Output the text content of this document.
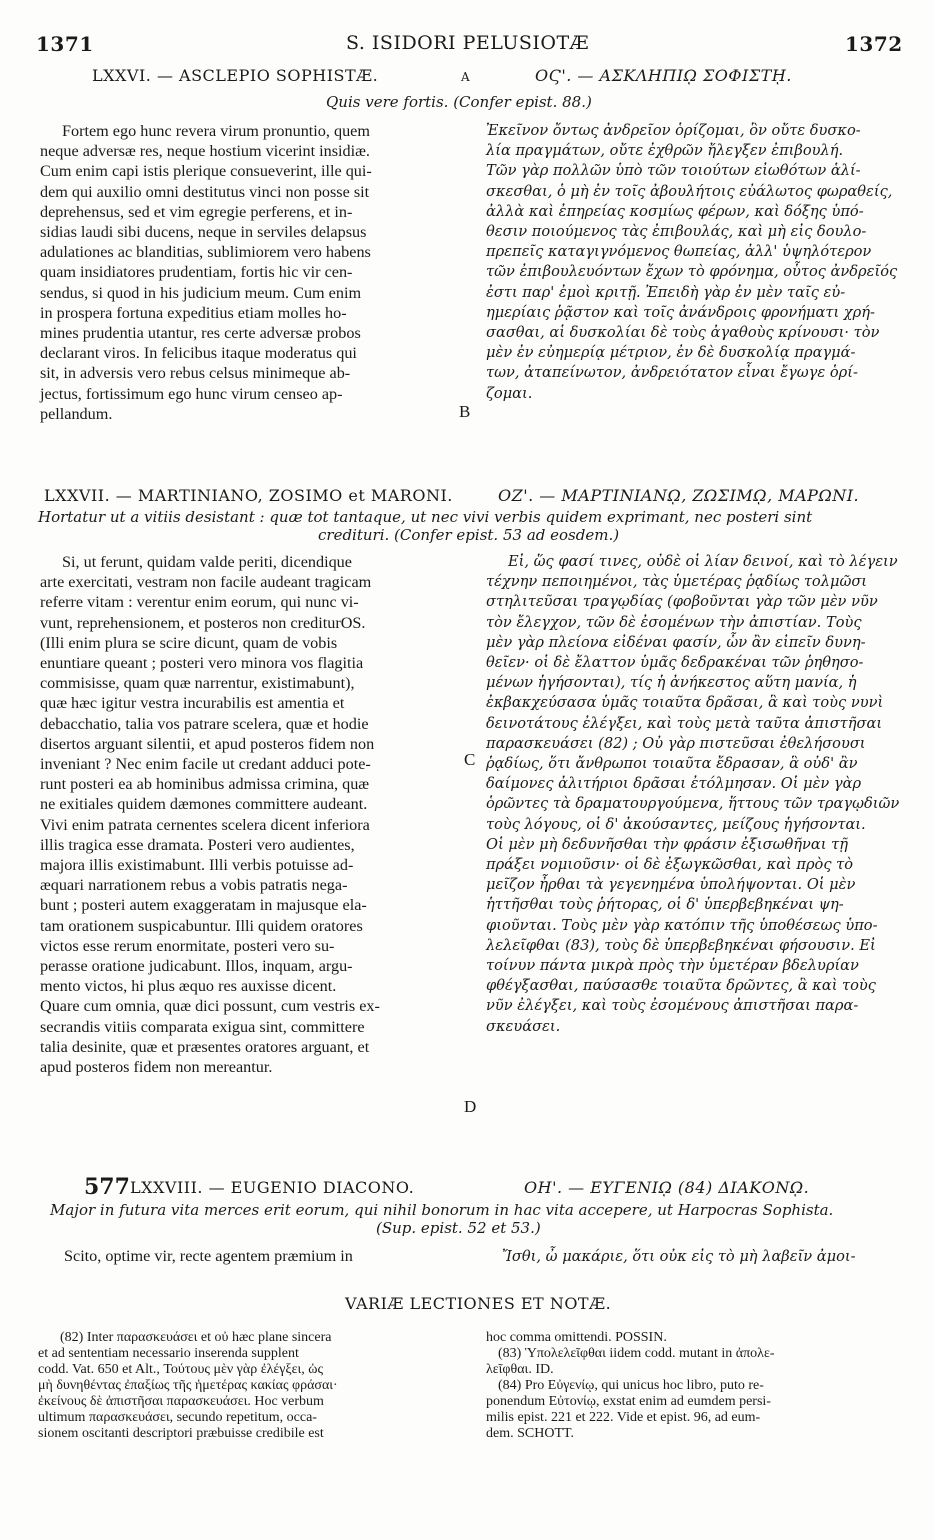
1371	S. ISIDORI PELUSIOTÆ	1372
LXXVI. — ASCLEPIO SOPHISTÆ.	A	ΟϚ'. — ΑΣΚΛΗΠΙῼ ΣΟΦΙΣΤῌ.
Quis vere fortis. (Confer epist. 88.)
Fortem ego hunc revera virum pronuntio, quem
neque adversæ res, neque hostium vicerint insidiæ.
Cum enim capi istis plerique consueverint, ille qui-
dem qui auxilio omni destitutus vinci non posse sit
deprehensus, sed et vim egregie perferens, et in-
sidias laudi sibi ducens, neque in serviles delapsus
adulationes ac blanditias, sublimiorem vero habens
quam insidiatores prudentiam, fortis hic vir cen-
sendus, si quod in his judicium meum. Cum enim
in prospera fortuna expeditius etiam molles ho-
mines prudentia utantur, res certe adversæ probos
declarant viros. In felicibus itaque moderatus qui
sit, in adversis vero rebus celsus minimeque ab-
jectus, fortissimum ego hunc virum censeo ap-
pellandum.	B
Ἐκεῖνον ὄντως ἀνδρεῖον ὁρίζομαι, ὃν οὔτε δυσκο-
λία πραγμάτων, οὔτε ἐχθρῶν ἤλεγξεν ἐπιβουλή.
Τῶν γὰρ πολλῶν ὑπὸ τῶν τοιούτων εἰωθότων ἁλί-
σκεσθαι, ὁ μὴ ἐν τοῖς ἀβουλήτοις εὐάλωτος φωραθείς,
ἀλλὰ καὶ ἐπηρείας κοσμίως φέρων, καὶ δόξης ὑπό-
θεσιν ποιούμενος τὰς ἐπιβουλάς, καὶ μὴ εἰς δουλο-
πρεπεῖς καταγιγνόμενος θωπείας, ἀλλ' ὑψηλότερον
τῶν ἐπιβουλευόντων ἔχων τὸ φρόνημα, οὗτος ἀνδρεῖός
ἐστι παρ' ἐμοὶ κριτῇ. Ἐπειδὴ γὰρ ἐν μὲν ταῖς εὐ-
ημερίαις ῥᾷστον καὶ τοῖς ἀνάνδροις φρονήματι χρή-
σασθαι, αἱ δυσκολίαι δὲ τοὺς ἀγαθοὺς κρίνουσι· τὸν
μὲν ἐν εὐημερίᾳ μέτριον, ἐν δὲ δυσκολίᾳ πραγμά-
των, ἀταπείνωτον, ἀνδρειότατον εἶναι ἔγωγε ὁρί-
ζομαι.
LXXVII. — MARTINIANO, ZOSIMO et MARONI.	ΟΖ'. — ΜΑΡΤΙΝΙΑΝῼ, ΖΩΣΙΜῼ, ΜΑΡΩΝΙ.
Hortatur ut a vitiis desistant : quæ tot tantaque, ut nec vivi verbis quidem exprimant, nec posteri sint
credituri. (Confer epist. 53 ad eosdem.)
Si, ut ferunt, quidam valde periti, dicendique
arte exercitati, vestram non facile audeant tragicam
referre vitam : verentur enim eorum, qui nunc vi-
vunt, reprehensionem, et posteros non crediturOS.
(Illi enim plura se scire dicunt, quam de vobis
enuntiare queant ; posteri vero minora vos flagitia
commisisse, quam quæ narrentur, existimabunt),
quæ hæc igitur vestra incurabilis est amentia et
debacchatio, talia vos patrare scelera, quæ et hodie
disertos arguant silentii, et apud posteros fidem non
inveniant ? Nec enim facile ut credant adduci pote-
runt posteri ea ab hominibus admissa crimina, quæ
ne exitiales quidem dæmones committere audeant.
Vivi enim patrata cernentes scelera dicent inferiora
illis tragica esse dramata. Posteri vero audientes,
majora illis existimabunt. Illi verbis potuisse ad-
æquari narrationem rebus a vobis patratis nega-
bunt ; posteri autem exaggeratam in majusque ela-
tam orationem suspicabuntur. Illi quidem oratores
victos esse rerum enormitate, posteri vero su-
perasse oratione judicabunt. Illos, inquam, argu-
mento victos, hi plus æquo res auxisse dicent.
Quare cum omnia, quæ dici possunt, cum vestris ex-
secrandis vitiis comparata exigua sint, committere
talia desinite, quæ et præsentes oratores arguant, et
apud posteros fidem non mereantur.
C
D
Εἰ, ὥς φασί τινες, οὐδὲ οἱ λίαν δεινοί, καὶ τὸ λέγειν
τέχνην πεποιημένοι, τὰς ὑμετέρας ῥᾳδίως τολμῶσι
στηλιτεῦσαι τραγῳδίας (φοβοῦνται γὰρ τῶν μὲν νῦν
τὸν ἔλεγχον, τῶν δὲ ἐσομένων τὴν ἀπιστίαν. Τοὺς
μὲν γὰρ πλείονα εἰδέναι φασίν, ὧν ἂν εἰπεῖν δυνη-
θεῖεν· οἱ δὲ ἔλαττον ὑμᾶς δεδρακέναι τῶν ῥηθησο-
μένων ἡγήσονται), τίς ἡ ἀνήκεστος αὕτη μανία, ἡ
ἐκβακχεύσασα ὑμᾶς τοιαῦτα δρᾶσαι, ἃ καὶ τοὺς νυνὶ
δεινοτάτους ἐλέγξει, καὶ τοὺς μετὰ ταῦτα ἀπιστῆσαι
παρασκευάσει (82) ; Οὐ γὰρ πιστεῦσαι ἐθελήσουσι
ῥᾳδίως, ὅτι ἄνθρωποι τοιαῦτα ἔδρασαν, ἃ οὐδ' ἂν
δαίμονες ἀλιτήριοι δρᾶσαι ἐτόλμησαν. Οἱ μὲν γὰρ
ὁρῶντες τὰ δραματουργούμενα, ἥττους τῶν τραγῳδιῶν
τοὺς λόγους, οἱ δ' ἀκούσαντες, μείζους ἡγήσονται.
Οἱ μὲν μὴ δεδυνῆσθαι τὴν φράσιν ἐξισωθῆναι τῇ
πράξει νομιοῦσιν· οἱ δὲ ἐξωγκῶσθαι, καὶ πρὸς τὸ
μεῖζον ἦρθαι τὰ γεγενημένα ὑπολήψονται. Οἱ μὲν
ἡττῆσθαι τοὺς ῥήτορας, οἱ δ' ὑπερβεβηκέναι ψη-
φιοῦνται. Τοὺς μὲν γὰρ κατόπιν τῆς ὑποθέσεως ὑπο-
λελεῖφθαι (83), τοὺς δὲ ὑπερβεβηκέναι φήσουσιν. Εἰ
τοίνυν πάντα μικρὰ πρὸς τὴν ὑμετέραν βδελυρίαν
φθέγξασθαι, παύσασθε τοιαῦτα δρῶντες, ἃ καὶ τοὺς
νῦν ἐλέγξει, καὶ τοὺς ἐσομένους ἀπιστῆσαι παρα-
σκευάσει.
577 LXXVIII. — EUGENIO DIACONO.	ΟΗ'. — ΕΥΓΕΝΙῼ (84) ΔΙΑΚΟΝῼ.
Major in futura vita merces erit eorum, qui nihil bonorum in hac vita accepere, ut Harpocras Sophista.
(Sup. epist. 52 et 53.)
Scito, optime vir, recte agentem præmium in	Ἴσθι, ὦ μακάριε, ὅτι οὐκ εἰς τὸ μὴ λαβεῖν ἀμοι-
VARIÆ LECTIONES ET NOTÆ.
(82) Inter παρασκευάσει et οὐ hæc plane sincera
et ad sententiam necessario inserenda supplent
codd. Vat. 650 et Alt., Τούτους μὲν γὰρ ἐλέγξει, ὡς
μὴ δυνηθέντας ἐπαξίως τῆς ἡμετέρας κακίας φράσαι·
ἐκείνους δὲ ἀπιστῆσαι παρασκευάσει. Hoc verbum
ultimum παρασκευάσει, secundo repetitum, occa-
sionem oscitanti descriptori præbuisse credibile est
hoc comma omittendi. POSSIN.
(83) Ὑπολελεῖφθαι iidem codd. mutant in ἀπολε-
λεῖφθαι. ID.
(84) Pro Εὐγενίῳ, qui unicus hoc libro, puto re-
ponendum Εὐτονίῳ, exstat enim ad eumdem persi-
milis epist. 221 et 222. Vide et epist. 96, ad eum-
dem. SCHOTT.
